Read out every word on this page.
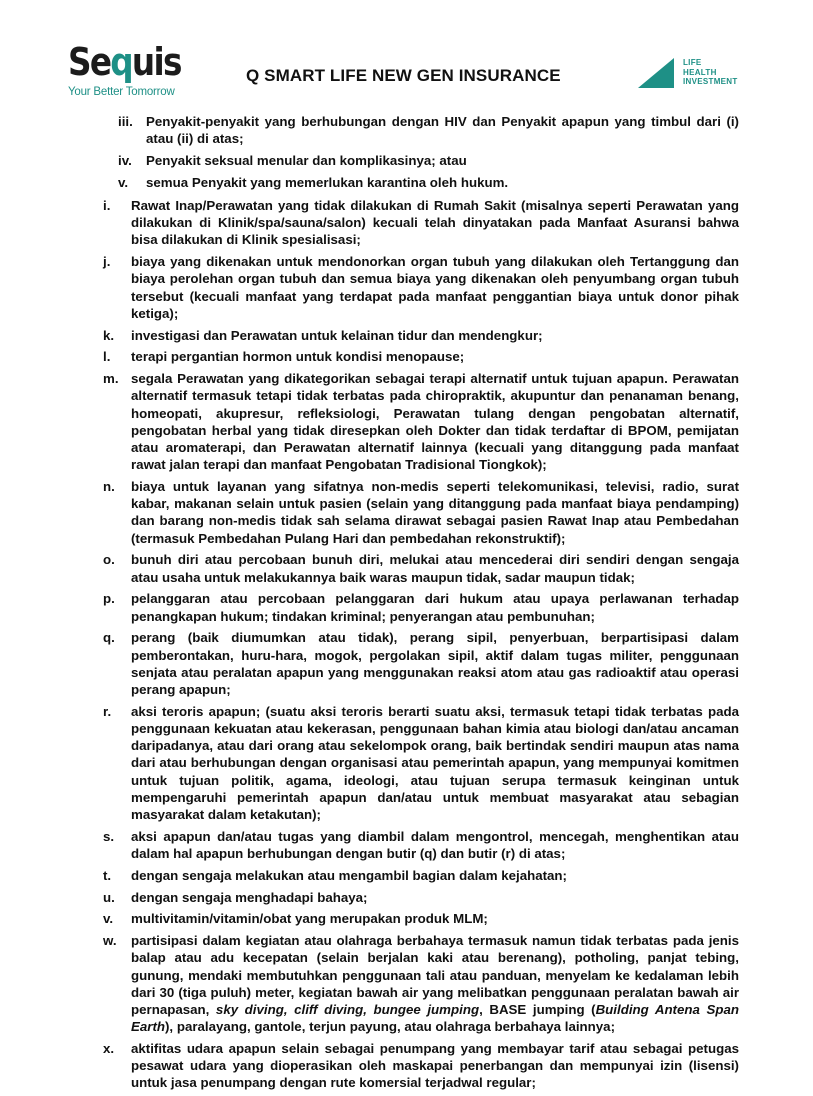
Sequis
Your Better Tomorrow
Q SMART LIFE NEW GEN INSURANCE
LIFE
HEALTH
INVESTMENT
iii. Penyakit-penyakit yang berhubungan dengan HIV dan Penyakit apapun yang timbul dari (i) atau (ii) di atas;
iv. Penyakit seksual menular dan komplikasinya; atau
v. semua Penyakit yang memerlukan karantina oleh hukum.
i. Rawat Inap/Perawatan yang tidak dilakukan di Rumah Sakit (misalnya seperti Perawatan yang dilakukan di Klinik/spa/sauna/salon) kecuali telah dinyatakan pada Manfaat Asuransi bahwa bisa dilakukan di Klinik spesialisasi;
j. biaya yang dikenakan untuk mendonorkan organ tubuh yang dilakukan oleh Tertanggung dan biaya perolehan organ tubuh dan semua biaya yang dikenakan oleh penyumbang organ tubuh tersebut (kecuali manfaat yang terdapat pada manfaat penggantian biaya untuk donor pihak ketiga);
k. investigasi dan Perawatan untuk kelainan tidur dan mendengkur;
l. terapi pergantian hormon untuk kondisi menopause;
m. segala Perawatan yang dikategorikan sebagai terapi alternatif untuk tujuan apapun. Perawatan alternatif termasuk tetapi tidak terbatas pada chiropraktik, akupuntur dan penanaman benang, homeopati, akupresur, refleksiologi, Perawatan tulang dengan pengobatan alternatif, pengobatan herbal yang tidak diresepkan oleh Dokter dan tidak terdaftar di BPOM, pemijatan atau aromaterapi, dan Perawatan alternatif lainnya (kecuali yang ditanggung pada manfaat rawat jalan terapi dan manfaat Pengobatan Tradisional Tiongkok);
n. biaya untuk layanan yang sifatnya non-medis seperti telekomunikasi, televisi, radio, surat kabar, makanan selain untuk pasien (selain yang ditanggung pada manfaat biaya pendamping) dan barang non-medis tidak sah selama dirawat sebagai pasien Rawat Inap atau Pembedahan (termasuk Pembedahan Pulang Hari dan pembedahan rekonstruktif);
o. bunuh diri atau percobaan bunuh diri, melukai atau mencederai diri sendiri dengan sengaja atau usaha untuk melakukannya baik waras maupun tidak, sadar maupun tidak;
p. pelanggaran atau percobaan pelanggaran dari hukum atau upaya perlawanan terhadap penangkapan hukum; tindakan kriminal; penyerangan atau pembunuhan;
q. perang (baik diumumkan atau tidak), perang sipil, penyerbuan, berpartisipasi dalam pemberontakan, huru-hara, mogok, pergolakan sipil, aktif dalam tugas militer, penggunaan senjata atau peralatan apapun yang menggunakan reaksi atom atau gas radioaktif atau operasi perang apapun;
r. aksi teroris apapun; (suatu aksi teroris berarti suatu aksi, termasuk tetapi tidak terbatas pada penggunaan kekuatan atau kekerasan, penggunaan bahan kimia atau biologi dan/atau ancaman daripadanya, atau dari orang atau sekelompok orang, baik bertindak sendiri maupun atas nama dari atau berhubungan dengan organisasi atau pemerintah apapun, yang mempunyai komitmen untuk tujuan politik, agama, ideologi, atau tujuan serupa termasuk keinginan untuk mempengaruhi pemerintah apapun dan/atau untuk membuat masyarakat atau sebagian masyarakat dalam ketakutan);
s. aksi apapun dan/atau tugas yang diambil dalam mengontrol, mencegah, menghentikan atau dalam hal apapun berhubungan dengan butir (q) dan butir (r) di atas;
t. dengan sengaja melakukan atau mengambil bagian dalam kejahatan;
u. dengan sengaja menghadapi bahaya;
v. multivitamin/vitamin/obat yang merupakan produk MLM;
w. partisipasi dalam kegiatan atau olahraga berbahaya termasuk namun tidak terbatas pada jenis balap atau adu kecepatan (selain berjalan kaki atau berenang), potholing, panjat tebing, gunung, mendaki membutuhkan penggunaan tali atau panduan, menyelam ke kedalaman lebih dari 30 (tiga puluh) meter, kegiatan bawah air yang melibatkan penggunaan peralatan bawah air pernapasan, sky diving, cliff diving, bungee jumping, BASE jumping (Building Antena Span Earth), paralayang, gantole, terjun payung, atau olahraga berbahaya lainnya;
x. aktifitas udara apapun selain sebagai penumpang yang membayar tarif atau sebagai petugas pesawat udara yang dioperasikan oleh maskapai penerbangan dan mempunyai izin (lisensi) untuk jasa penumpang dengan rute komersial terjadwal regular;
